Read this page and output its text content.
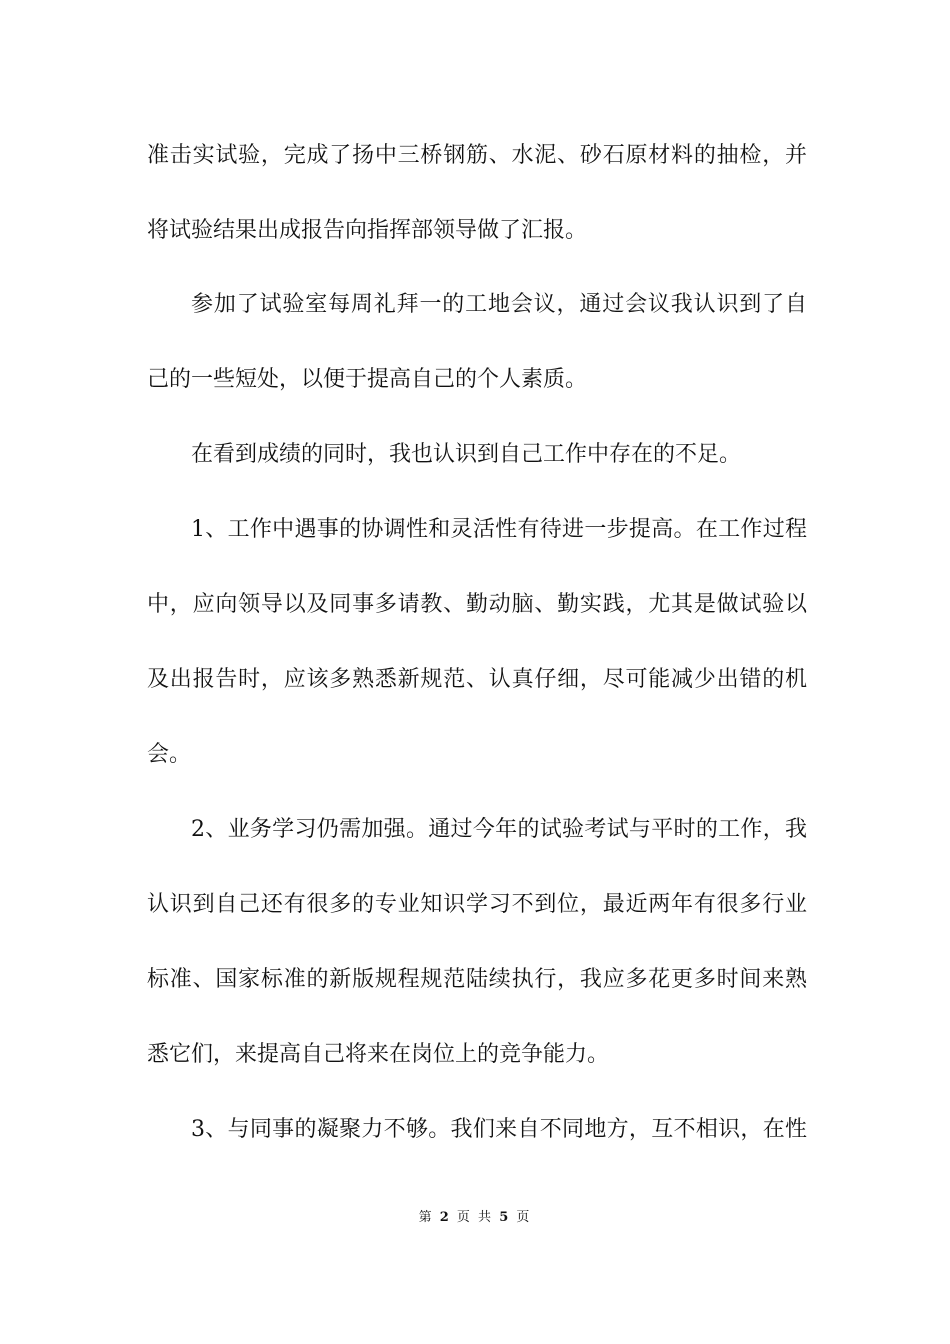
准击实试验，完成了扬中三桥钢筋、水泥、砂石原材料的抽检，并
将试验结果出成报告向指挥部领导做了汇报。
参加了试验室每周礼拜一的工地会议，通过会议我认识到了自
己的一些短处，以便于提高自己的个人素质。
在看到成绩的同时，我也认识到自己工作中存在的不足。
1、工作中遇事的协调性和灵活性有待进一步提高。在工作过程
中，应向领导以及同事多请教、勤动脑、勤实践，尤其是做试验以
及出报告时，应该多熟悉新规范、认真仔细，尽可能减少出错的机
会。
2、业务学习仍需加强。通过今年的试验考试与平时的工作，我
认识到自己还有很多的专业知识学习不到位，最近两年有很多行业
标准、国家标准的新版规程规范陆续执行，我应多花更多时间来熟
悉它们，来提高自己将来在岗位上的竞争能力。
3、与同事的凝聚力不够。我们来自不同地方，互不相识，在性
第 2 页 共 5 页
